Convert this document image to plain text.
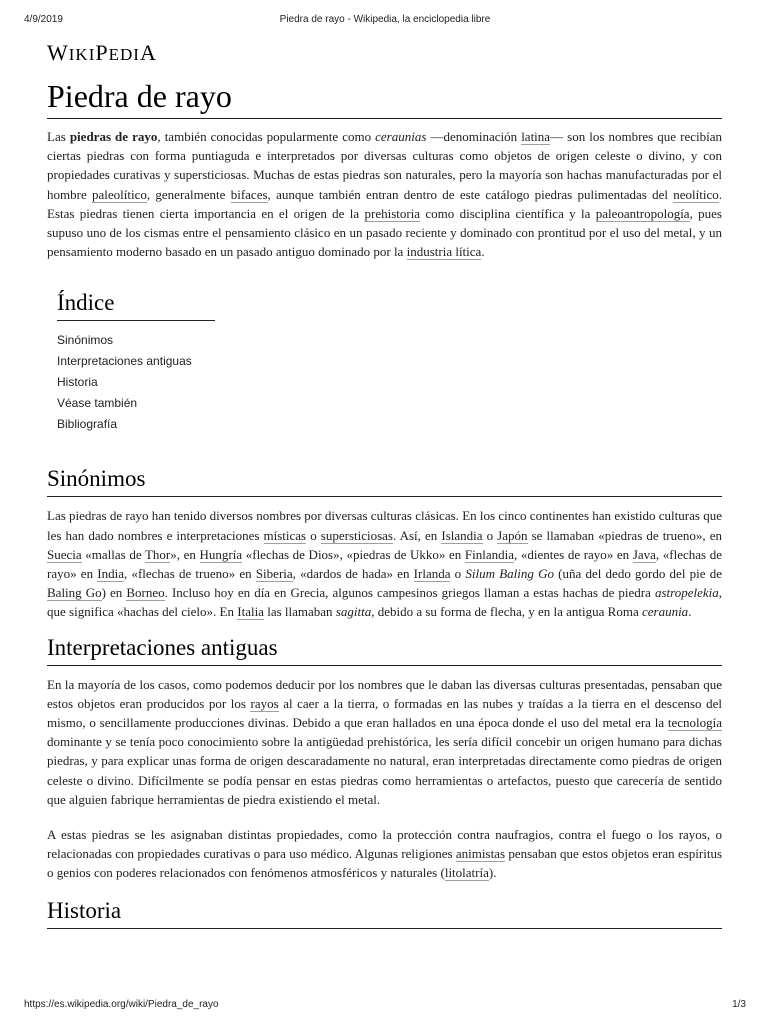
4/9/2019	Piedra de rayo - Wikipedia, la enciclopedia libre
WIKIPEDIA
Piedra de rayo

Las piedras de rayo, también conocidas popularmente como ceraunias —denominación latina— son los nombres que recibían ciertas piedras con forma puntiaguda e interpretados por diversas culturas como objetos de origen celeste o divino, y con propiedades curativas y supersticiosas. Muchas de estas piedras son naturales, pero la mayoría son hachas manufacturadas por el hombre paleolítico, generalmente bifaces, aunque también entran dentro de este catálogo piedras pulimentadas del neolítico. Estas piedras tienen cierta importancia en el origen de la prehistoria como disciplina científica y la paleoantropología, pues supuso uno de los cismas entre el pensamiento clásico en un pasado reciente y dominado con prontitud por el uso del metal, y un pensamiento moderno basado en un pasado antiguo dominado por la industria lítica.

Índice
Sinónimos
Interpretaciones antiguas
Historia
Véase también
Bibliografía
Sinónimos

Las piedras de rayo han tenido diversos nombres por diversas culturas clásicas. En los cinco continentes han existido culturas que les han dado nombres e interpretaciones místicas o supersticiosas. Así, en Islandia o Japón se llamaban «piedras de trueno», en Suecia «mallas de Thor», en Hungría «flechas de Dios», «piedras de Ukko» en Finlandia, «dientes de rayo» en Java, «flechas de rayo» en India, «flechas de trueno» en Siberia, «dardos de hada» en Irlanda o Silum Baling Go (uña del dedo gordo del pie de Baling Go) en Borneo. Incluso hoy en día en Grecia, algunos campesinos griegos llaman a estas hachas de piedra astropelekia, que significa «hachas del cielo». En Italia las llamaban sagitta, debido a su forma de flecha, y en la antigua Roma ceraunia.

Interpretaciones antiguas

En la mayoría de los casos, como podemos deducir por los nombres que le daban las diversas culturas presentadas, pensaban que estos objetos eran producidos por los rayos al caer a la tierra, o formadas en las nubes y traídas a la tierra en el descenso del mismo, o sencillamente producciones divinas. Debido a que eran hallados en una época donde el uso del metal era la tecnología dominante y se tenía poco conocimiento sobre la antigüedad prehistórica, les sería difícil concebir un origen humano para dichas piedras, y para explicar unas forma de origen descaradamente no natural, eran interpretadas directamente como piedras de origen celeste o divino. Difícilmente se podía pensar en estas piedras como herramientas o artefactos, puesto que carecería de sentido que alguien fabrique herramientas de piedra existiendo el metal.

A estas piedras se les asignaban distintas propiedades, como la protección contra naufragios, contra el fuego o los rayos, o relacionadas con propiedades curativas o para uso médico. Algunas religiones animistas pensaban que estos objetos eran espíritus o genios con poderes relacionados con fenómenos atmosféricos y naturales (litolatría).

Historia
https://es.wikipedia.org/wiki/Piedra_de_rayo	1/3
